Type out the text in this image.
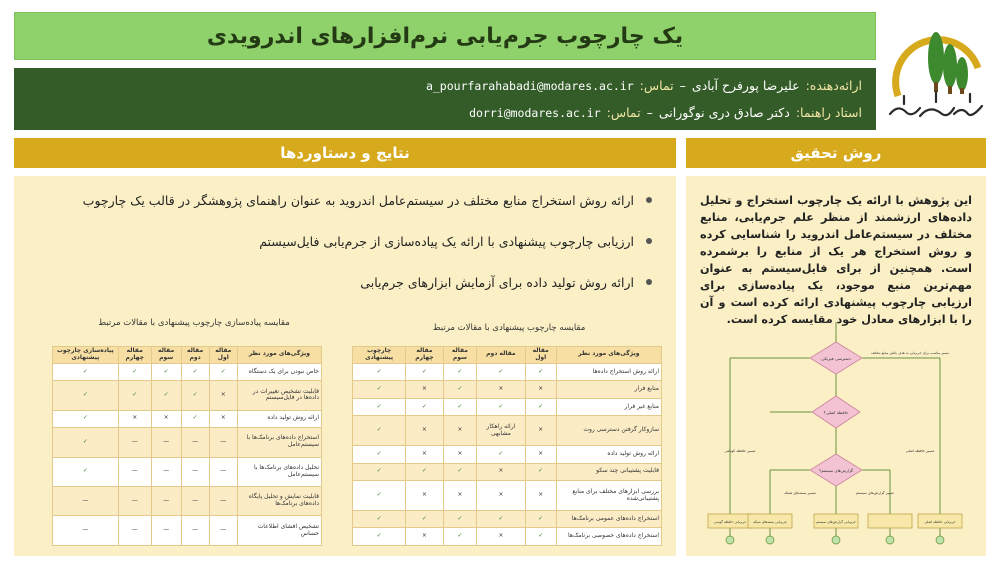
یک چارچوب جرم‌یابی نرم‌افزارهای اندرویدی
ارائه‌دهنده:
علیرضا پورفرح آبادی
–
تماس:
a_pourfarahabadi@modares.ac.ir
استاد راهنما:
دکتر صادق دری نوگورانی
–
تماس:
dorri@modares.ac.ir
نتایج و دستاوردها	روش تحقیق
ارائه روش استخراج منابع مختلف در سیستم‌عامل اندروید به عنوان راهنمای پژوهشگر در قالب یک چارچوب
ارزیابی چارچوب پیشنهادی با ارائه یک پیاده‌سازی از جرم‌یابی فایل‌سیستم
ارائه روش تولید داده برای آزمایش ابزارهای جرم‌یابی
مقایسه پیاده‌سازی چارچوب پیشنهادی با مقالات مرتبط	مقایسه چارچوب پیشنهادی با مقالات مرتبط
ویژگی‌های مورد نظر	مقاله اول	مقاله دوم	مقاله سوم	مقاله چهارم	پیاده‌سازی چارچوب پیشنهادی
خاص نبودن برای یک دستگاه	✓	✓	✓	✓	✓
قابلیت تشخیص تغییرات در داده‌ها در فایل‌سیستم	×	✓	✓	✓	✓
ارائه روش تولید داده	×	✓	×	×	✓
استخراج داده‌های برنامک‌ها با سیستم‌عامل	—	—	—	—	✓
تحلیل داده‌های برنامک‌ها با سیستم‌عامل	—	—	—	—	✓
قابلیت نمایش و تحلیل پایگاه داده‌های برنامک‌ها	—	—	—	—	—
تشخیص افشای اطلاعات حساس	—	—	—	—	—
ویژگی‌های مورد نظر	مقاله اول	مقاله دوم	مقاله سوم	مقاله چهارم	چارچوب پیشنهادی
ارائه روش استخراج داده‌ها	✓	✓	✓	✓	✓
منابع فرار	×	×	✓	×	✓
منابع غیر فرار	✓	✓	✓	✓	✓
سازوکار گرفتن دسترسی روت	×	ارائه راهکار مشابهی	×	×	✓
ارائه روش تولید داده	×	✓	×	×	✓
قابلیت پشتیبانی چند سکو	✓	×	✓	✓	✓
بررسی ابزارهای مختلف برای منابع پشتیبانی‌شده	×	×	×	×	✓
استخراج داده‌های عمومی برنامک‌ها	✓	✓	✓	✓	✓
استخراج داده‌های خصوصی برنامک‌ها	✓	×	✓	×	✓

این پژوهش با ارائه یک چارچوب استخراج و تحلیل داده‌های ارزشمند از منظر علم جرم‌یابی، منابع مختلف در سیستم‌عامل اندروید را شناسایی کرده و روش استخراج هر یک از منابع را برشمرده است. همچنین از برای فایل‌سیستم به عنوان مهم‌ترین منبع موجود، یک پیاده‌سازی برای ارزیابی چارچوب پیشنهادی ارائه کرده است و آن را با ابزارهای معادل خود مقایسه کرده است.

دسترسی فیزیکی
حافظه اصلی؟
گزارش‌های سیستم؟
مسیر مناسب برای جرم‌یابی به هدف یافتن منابع مختلف
مسیر حافظه کوتاهی	مسیر حافظه اصلی
مسیر گزارش‌های سیستم
مسیر بسته‌های شبکه
جرم‌یابی حافظه گوشی جرم‌یابی بسته‌های شبکه	جرم‌یابی گزارش‌های سیستم	جرم‌یابی حافظه اصلی
